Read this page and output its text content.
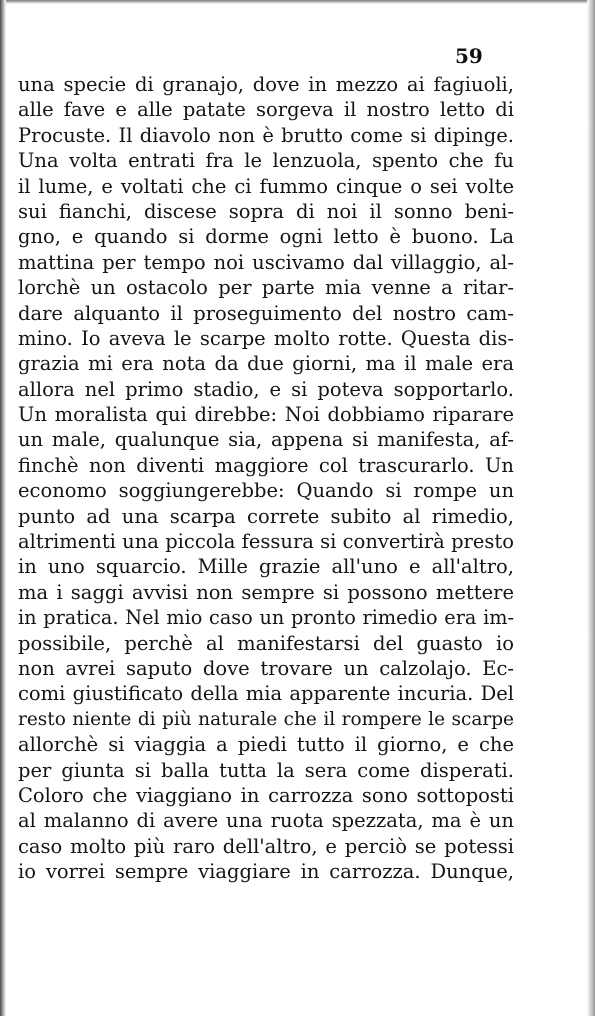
59
una specie di granajo, dove in mezzo ai fagiuoli,
alle fave e alle patate sorgeva il nostro letto di
Procuste. Il diavolo non è brutto come si dipinge.
Una volta entrati fra le lenzuola, spento che fu
il lume, e voltati che ci fummo cinque o sei volte
sui fianchi, discese sopra di noi il sonno beni-
gno, e quando si dorme ogni letto è buono. La
mattina per tempo noi uscivamo dal villaggio, al-
lorchè un ostacolo per parte mia venne a ritar-
dare alquanto il proseguimento del nostro cam-
mino. Io aveva le scarpe molto rotte. Questa dis-
grazia mi era nota da due giorni, ma il male era
allora nel primo stadio, e si poteva sopportarlo.
Un moralista qui direbbe: Noi dobbiamo riparare
un male, qualunque sia, appena si manifesta, af-
finchè non diventi maggiore col trascurarlo. Un
economo soggiungerebbe: Quando si rompe un
punto ad una scarpa correte subito al rimedio,
altrimenti una piccola fessura si convertirà presto
in uno squarcio. Mille grazie all'uno e all'altro,
ma i saggi avvisi non sempre si possono mettere
in pratica. Nel mio caso un pronto rimedio era im-
possibile, perchè al manifestarsi del guasto io
non avrei saputo dove trovare un calzolajo. Ec-
comi giustificato della mia apparente incuria. Del
resto niente di più naturale che il rompere le scarpe
allorchè si viaggia a piedi tutto il giorno, e che
per giunta si balla tutta la sera come disperati.
Coloro che viaggiano in carrozza sono sottoposti
al malanno di avere una ruota spezzata, ma è un
caso molto più raro dell'altro, e perciò se potessi
io vorrei sempre viaggiare in carrozza. Dunque,
